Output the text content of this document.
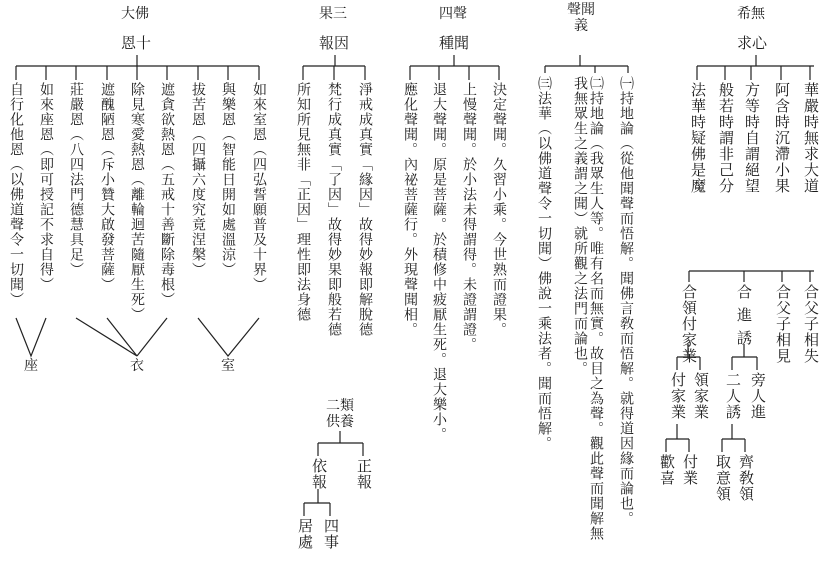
希無
求心
華嚴時無求大道
阿含時沉滯小果
方等時自謂絕望
般若時謂非己分
法華時疑佛是魔
合父子相失
合父子相見
合進誘
合領付家業
旁人進
二人誘
齊敎領
取意領
領家業
付家業
付業
歡喜
聲聞義
㈠持地論（從他聞聲而悟解。聞佛言敎而悟解。就得道因緣而論也。
㈡持地論（我眾生人等。唯有名而無實。故目之為聲。觀此聲而聞解無我無眾生之義謂之聞）就所觀之法門而論也。
㈢法華（以佛道聲令一切聞）佛說一乘法者。聞而悟解。
四聲
種聞
決定聲聞。久習小乘。今世熟而證果。
上慢聲聞。於小法未得謂得。未證謂證。
退大聲聞。原是菩薩。於積修中疲厭生死。退大樂小。
應化聲聞。內祕菩薩行。外現聲聞相。
果三
報因
淨戒成真實「緣因」故得妙報即解脫德
梵行成真實「了因」故得妙果即般若德
所知所見無非「正因」理性即法身德
二類
供養
正報
依報
四事
居處
大佛
恩十
如來室恩（四弘誓願普及十界）
與樂恩（智能日開如處溫涼）
拔苦恩（四攝六度究竟涅槃）
遮貪欲熱恩（五戒十善斷除毒根）
除見寒愛熱恩（離輪迴苦隨厭生死）
遮醜陋恩（斥小贊大啟發菩薩）
莊嚴恩（八四法門德慧具足）
如來座恩（即可授記不求自得）
自行化他恩（以佛道聲令一切聞）
室
衣
座
